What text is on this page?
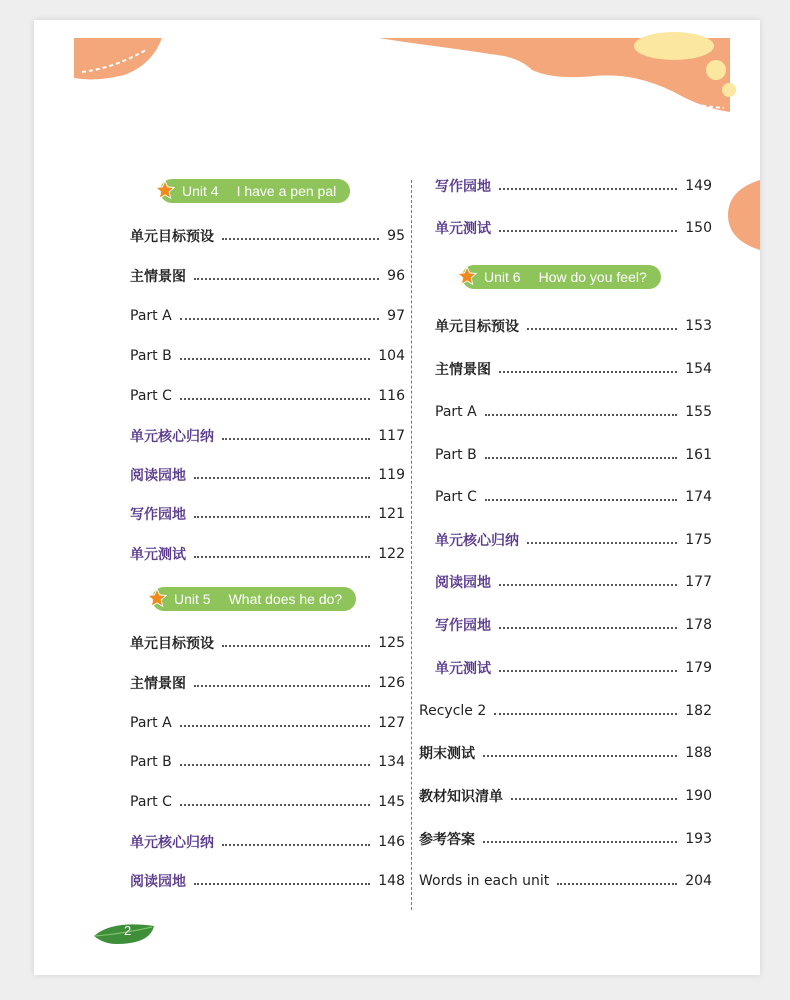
Unit 4 I have a pen pal
单元目标预设	95
主情景图	96
Part A	97
Part B	104
Part C	116
单元核心归纳	117
阅读园地	119
写作园地	121
单元测试	122
Unit 5 What does he do?
单元目标预设	125
主情景图	126
Part A	127
Part B	134
Part C	145
单元核心归纳	146
阅读园地	148
写作园地	149
单元测试	150
Unit 6 How do you feel?
单元目标预设	153
主情景图	154
Part A	155
Part B	161
Part C	174
单元核心归纳	175
阅读园地	177
写作园地	178
单元测试	179
Recycle 2	182
期末测试	188
教材知识清单	190
参考答案	193
Words in each unit	204
2
